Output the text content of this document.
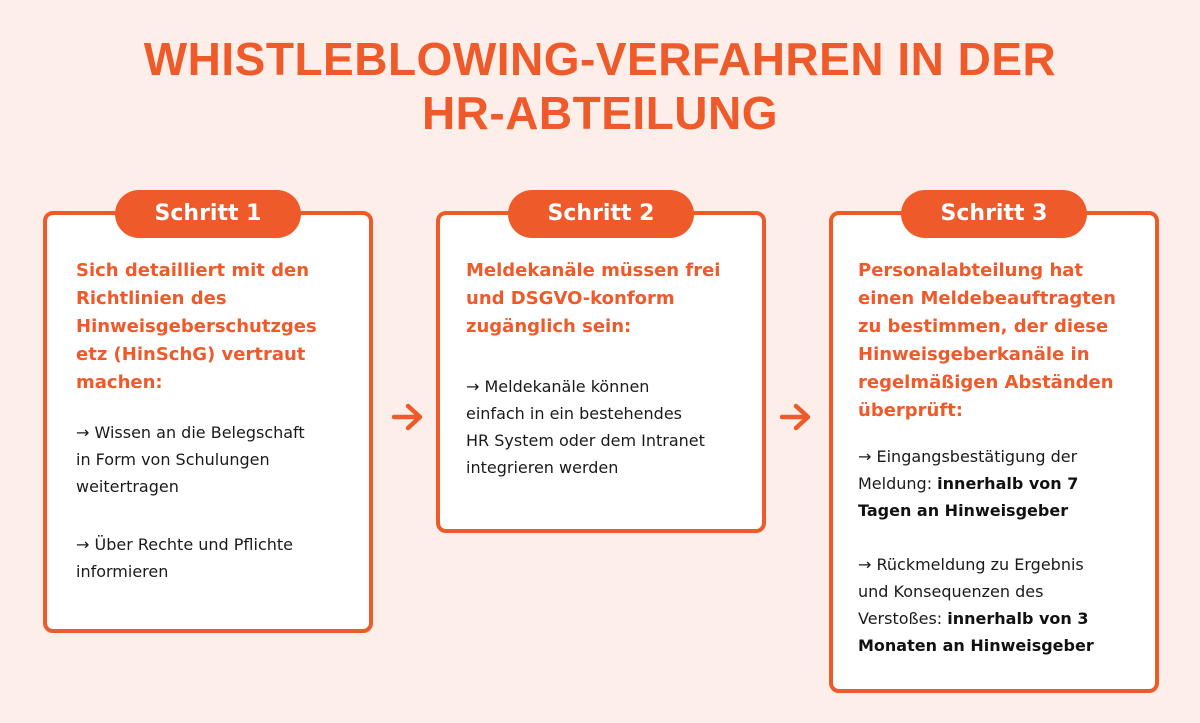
WHISTLEBLOWING-VERFAHREN IN DER
HR-ABTEILUNG
Schritt 1
Sich detailliert mit den
Richtlinien des
Hinweisgeberschutzges
etz (HinSchG) vertraut
machen:
→ Wissen an die Belegschaft
in Form von Schulungen
weitertragen
→ Über Rechte und Pflichte
informieren
Schritt 2
Meldekanäle müssen frei
und DSGVO-konform
zugänglich sein:
→ Meldekanäle können
einfach in ein bestehendes
HR System oder dem Intranet
integrieren werden
Schritt 3
Personalabteilung hat
einen Meldebeauftragten
zu bestimmen, der diese
Hinweisgeberkanäle in
regelmäßigen Abständen
überprüft:
→ Eingangsbestätigung der
Meldung: innerhalb von 7
Tagen an Hinweisgeber
→ Rückmeldung zu Ergebnis
und Konsequenzen des
Verstoßes: innerhalb von 3
Monaten an Hinweisgeber
